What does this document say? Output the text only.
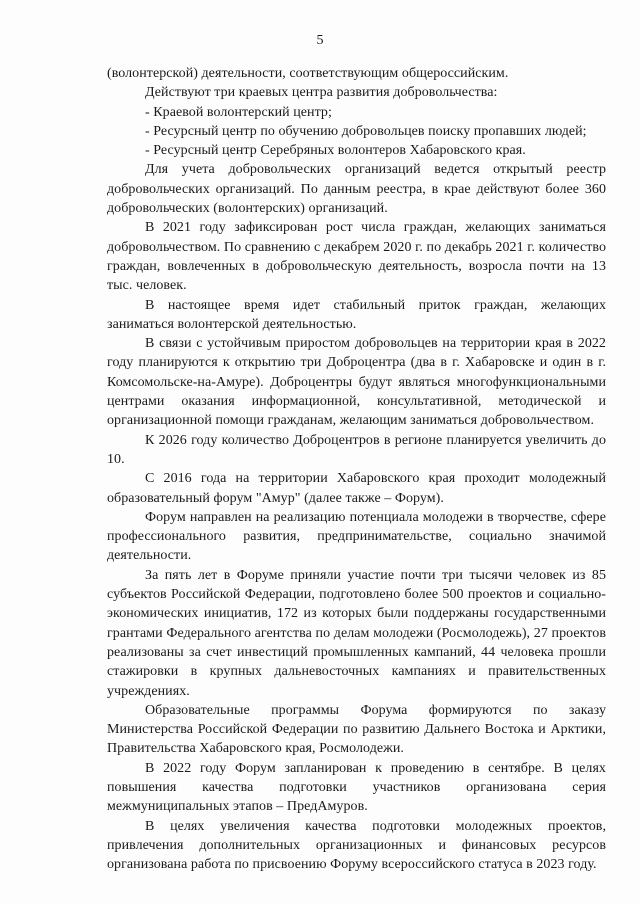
5

(волонтерской) деятельности, соответствующим общероссийским.

Действуют три краевых центра развития добровольчества:

- Краевой волонтерский центр;

- Ресурсный центр по обучению добровольцев поиску пропавших людей;

- Ресурсный центр Серебряных волонтеров Хабаровского края.

Для учета добровольческих организаций ведется открытый реестр добровольческих организаций. По данным реестра, в крае действуют более 360 добровольческих (волонтерских) организаций.

В 2021 году зафиксирован рост числа граждан, желающих заниматься добровольчеством. По сравнению с декабрем 2020 г. по декабрь 2021 г. количество граждан, вовлеченных в добровольческую деятельность, возросла почти на 13 тыс. человек.

В настоящее время идет стабильный приток граждан, желающих заниматься волонтерской деятельностью.

В связи с устойчивым приростом добровольцев на территории края в 2022 году планируются к открытию три Доброцентра (два в г. Хабаровске и один в г. Комсомольске-на-Амуре). Доброцентры будут являться многофункциональными центрами оказания информационной, консультативной, методической и организационной помощи гражданам, желающим заниматься добровольчеством.

К 2026 году количество Доброцентров в регионе планируется увеличить до 10.

С 2016 года на территории Хабаровского края проходит молодежный образовательный форум "Амур" (далее также – Форум).

Форум направлен на реализацию потенциала молодежи в творчестве, сфере профессионального развития, предпринимательстве, социально значимой деятельности.

За пять лет в Форуме приняли участие почти три тысячи человек из 85 субъектов Российской Федерации, подготовлено более 500 проектов и социально-экономических инициатив, 172 из которых были поддержаны государственными грантами Федерального агентства по делам молодежи (Росмолодежь), 27 проектов реализованы за счет инвестиций промышленных кампаний, 44 человека прошли стажировки в крупных дальневосточных кампаниях и правительственных учреждениях.

Образовательные программы Форума формируются по заказу Министерства Российской Федерации по развитию Дальнего Востока и Арктики, Правительства Хабаровского края, Росмолодежи.

В 2022 году Форум запланирован к проведению в сентябре. В целях повышения качества подготовки участников организована серия межмуниципальных этапов – ПредАмуров.

В целях увеличения качества подготовки молодежных проектов, привлечения дополнительных организационных и финансовых ресурсов организована работа по присвоению Форуму всероссийского статуса в 2023 году.
